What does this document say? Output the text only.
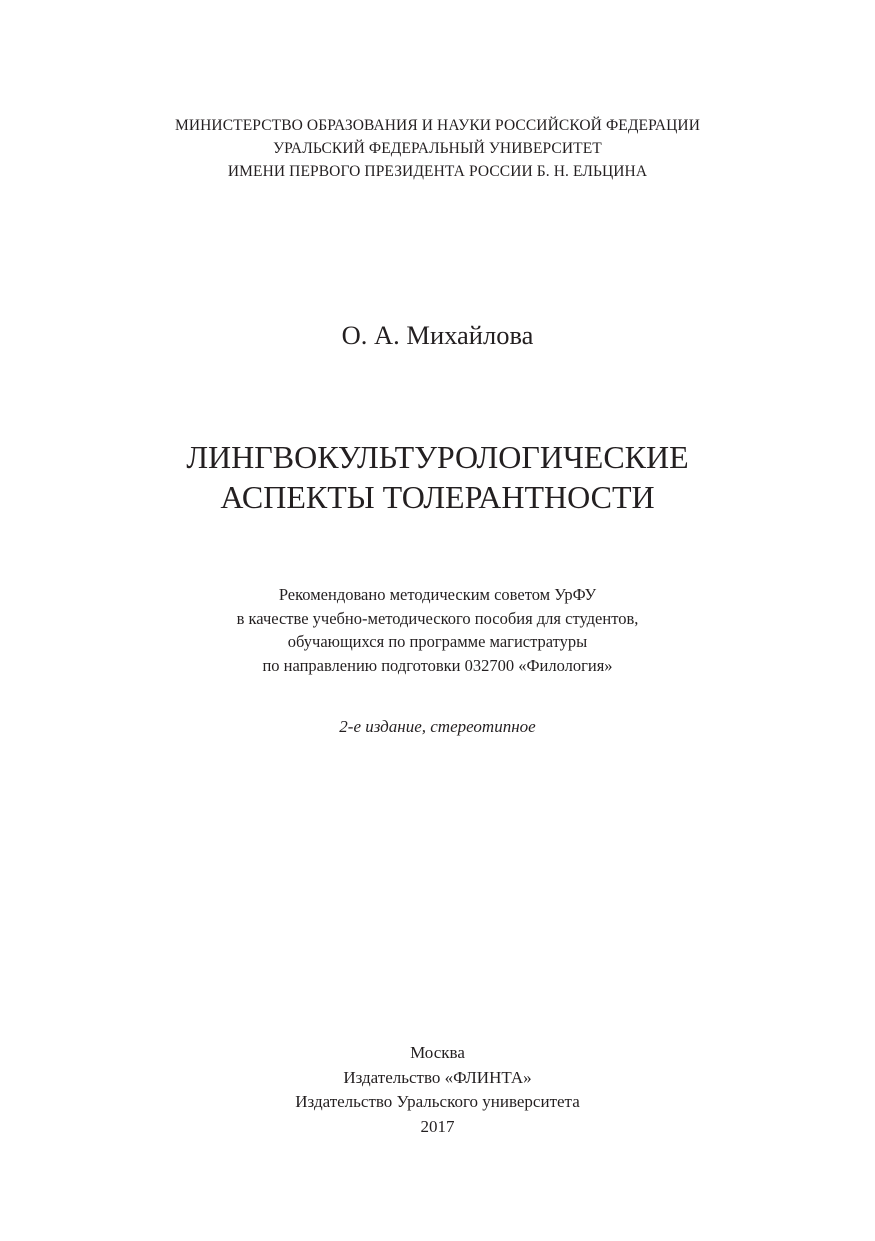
МИНИСТЕРСТВО ОБРАЗОВАНИЯ И НАУКИ РОССИЙСКОЙ ФЕДЕРАЦИИ
УРАЛЬСКИЙ ФЕДЕРАЛЬНЫЙ УНИВЕРСИТЕТ
ИМЕНИ ПЕРВОГО ПРЕЗИДЕНТА РОССИИ Б. Н. ЕЛЬЦИНА
О. А. Михайлова
ЛИНГВОКУЛЬТУРОЛОГИЧЕСКИЕ
АСПЕКТЫ ТОЛЕРАНТНОСТИ
Рекомендовано методическим советом УрФУ
в качестве учебно-методического пособия для студентов,
обучающихся по программе магистратуры
по направлению подготовки 032700 «Филология»
2-е издание, стереотипное
Москва
Издательство «ФЛИНТА»
Издательство Уральского университета
2017
